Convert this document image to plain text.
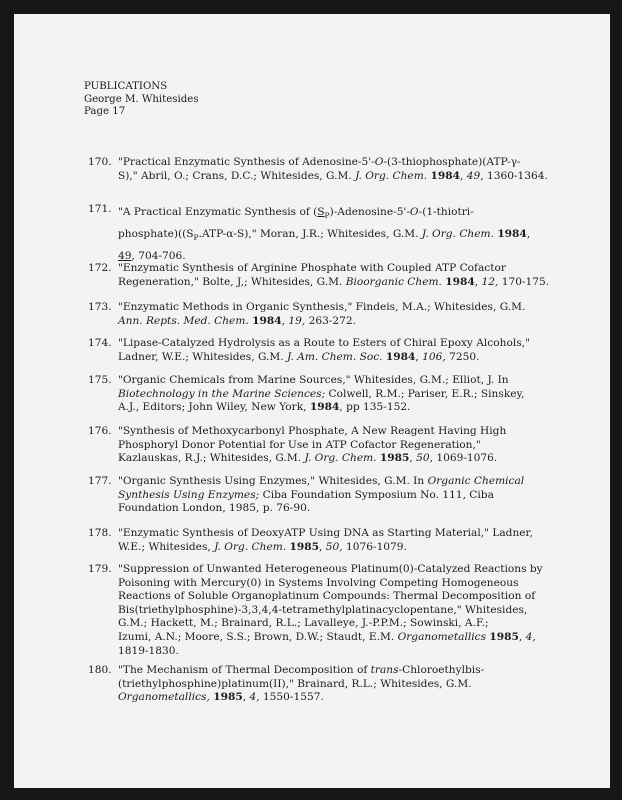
PUBLICATIONS
George M. Whitesides
Page 17
170. "Practical Enzymatic Synthesis of Adenosine-5'-O-(3-thiophosphate)(ATP-γ-
S)," Abril, O.; Crans, D.C.; Whitesides, G.M. J. Org. Chem. 1984, 49, 1360-1364.
171. "A Practical Enzymatic Synthesis of $(S_P)-Adenosine-5'-O-(1-thiotri-$
$phosphate)((S_P.ATP-\alpha-S)$," Moran, J.R.; Whitesides, G.M. J. Org. Chem. 1984,
49, 704-706.
172. "Enzymatic Synthesis of Arginine Phosphate with Coupled ATP Cofactor
Regeneration," Bolte, J,; Whitesides, G.M. Bioorganic Chem. 1984, 12, 170-175.
173. "Enzymatic Methods in Organic Synthesis," Findeis, M.A.; Whitesides, G.M.
Ann. Repts. Med. Chem. 1984, 19, 263-272.
174. "Lipase-Catalyzed Hydrolysis as a Route to Esters of Chiral Epoxy Alcohols,"
Ladner, W.E.; Whitesides, G.M. J. Am. Chem. Soc. 1984, 106, 7250.
175. "Organic Chemicals from Marine Sources," Whitesides, G.M.; Elliot, J. In
Biotechnology in the Marine Sciences; Colwell, R.M.; Pariser, E.R.; Sinskey,
A.J., Editors; John Wiley, New York, 1984, pp 135-152.
176. "Synthesis of Methoxycarbonyl Phosphate, A New Reagent Having High
Phosphoryl Donor Potential for Use in ATP Cofactor Regeneration,"
Kazlauskas, R.J.; Whitesides, G.M. J. Org. Chem. 1985, 50, 1069-1076.
177. "Organic Synthesis Using Enzymes," Whitesides, G.M. In Organic Chemical
Synthesis Using Enzymes; Ciba Foundation Symposium No. 111, Ciba
Foundation London, 1985, p. 76-90.
178. "Enzymatic Synthesis of DeoxyATP Using DNA as Starting Material," Ladner,
W.E.; Whitesides, J. Org. Chem. 1985, 50, 1076-1079.
179. "Suppression of Unwanted Heterogeneous Platinum(0)-Catalyzed Reactions by
Poisoning with Mercury(0) in Systems Involving Competing Homogeneous
Reactions of Soluble Organoplatinum Compounds: Thermal Decomposition of
Bis(triethylphosphine)-3,3,4,4-tetramethylplatinacyclopentane," Whitesides,
G.M.; Hackett, M.; Brainard, R.L.; Lavalleye, J.-P.P.M.; Sowinski, A.F.;
Izumi, A.N.; Moore, S.S.; Brown, D.W.; Staudt, E.M. Organometallics 1985, 4,
1819-1830.
180. "The Mechanism of Thermal Decomposition of trans-Chloroethylbis-
(triethylphosphine)platinum(II)," Brainard, R.L.; Whitesides, G.M.
Organometallics, 1985, 4, 1550-1557.
